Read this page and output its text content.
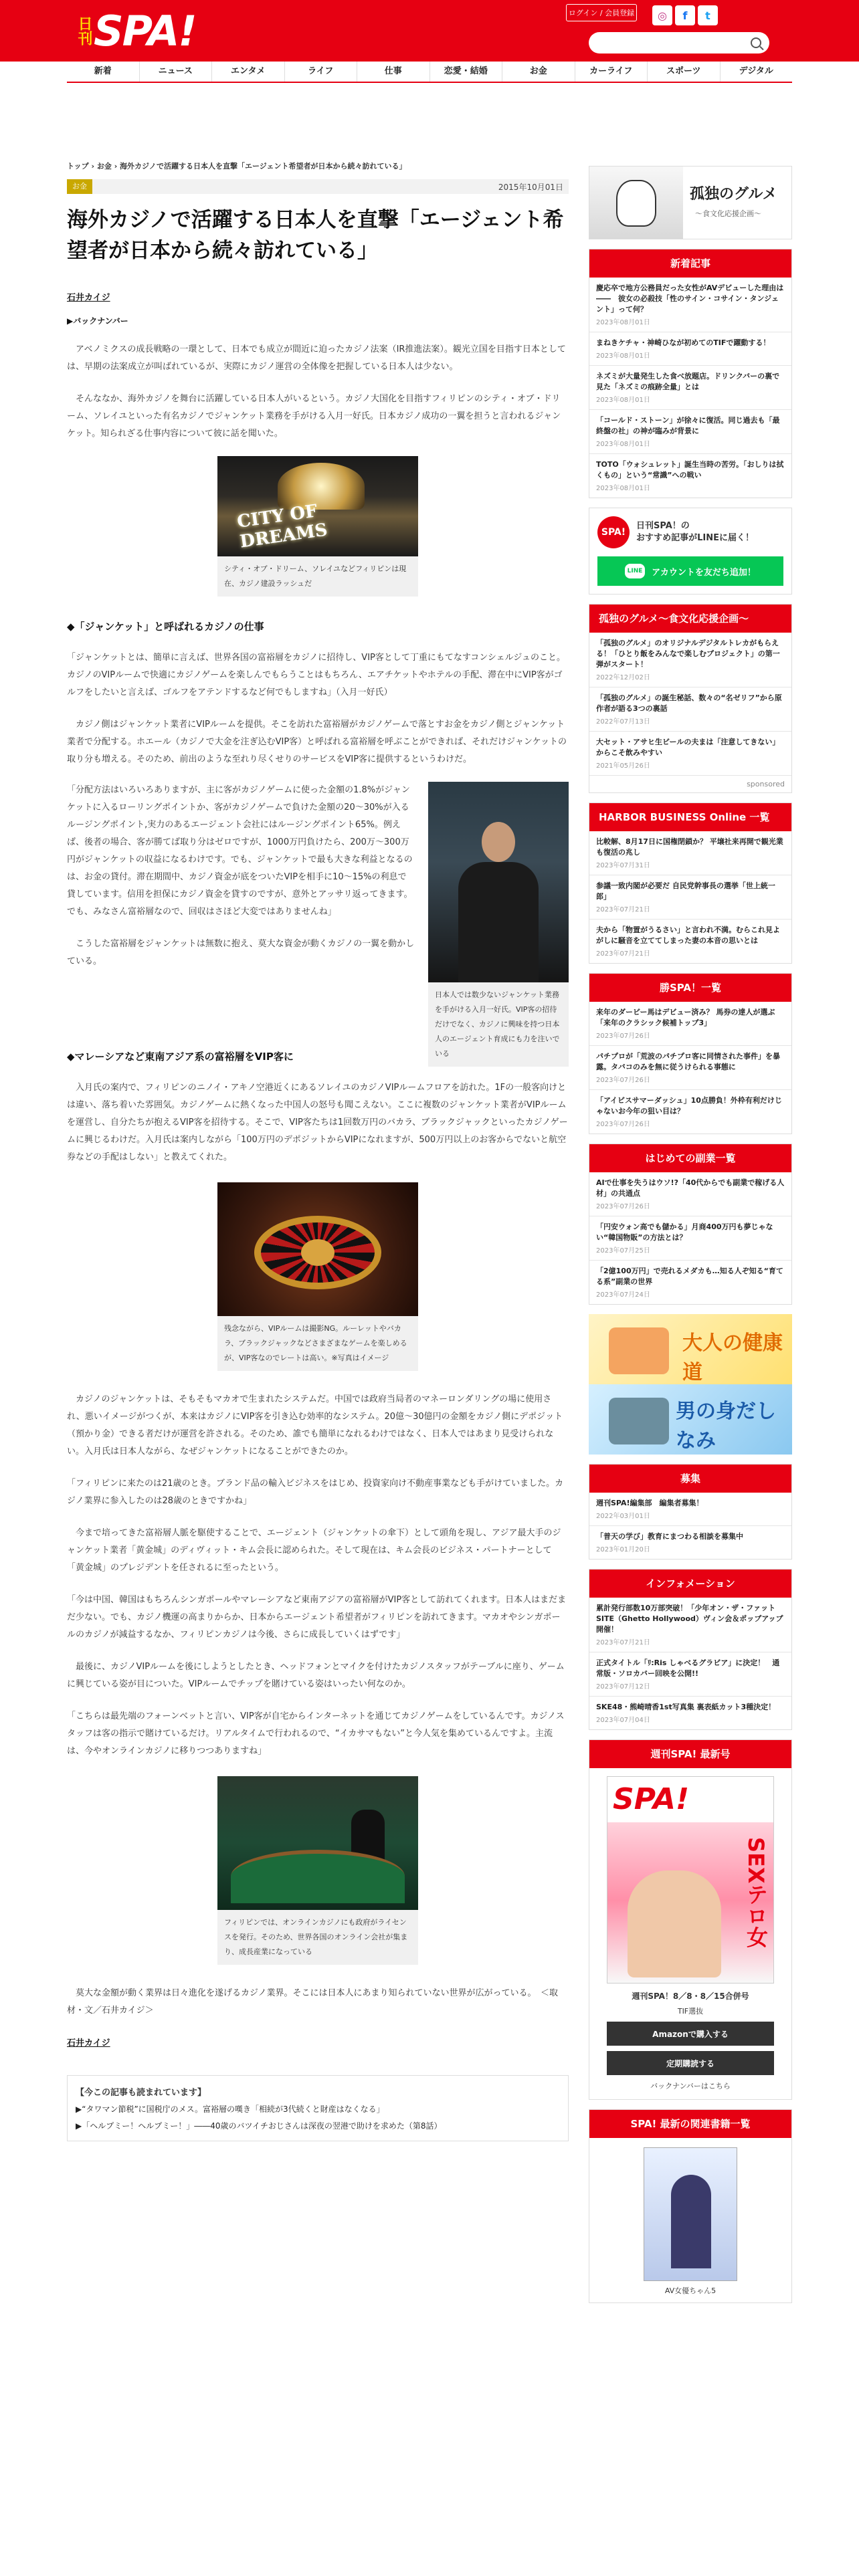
日刊 SPA!	ログイン / 会員登録	◎	f	t
新着	ニュース	エンタメ	ライフ	仕事	恋愛・結婚	お金	カーライフ	スポーツ	デジタル
トップ › お金 › 海外カジノで活躍する日本人を直撃「エージェント希望者が日本から続々訪れている」
お金	2015年10月01日
海外カジノで活躍する日本人を直撃「エージェント希望者が日本から続々訪れている」
石井カイジ
▶バックナンバー

　アベノミクスの成長戦略の一環として、日本でも成立が間近に迫ったカジノ法案（IR推進法案）。観光立国を目指す日本としては、早期の法案成立が叫ばれているが、実際にカジノ運営の全体像を把握している日本人は少ない。

　そんななか、海外カジノを舞台に活躍している日本人がいるという。カジノ大国化を目指すフィリピンのシティ・オブ・ドリーム、ソレイユといった有名カジノでジャンケット業務を手がける入月一好氏。日本カジノ成功の一翼を担うと言われるジャンケット。知られざる仕事内容について彼に話を聞いた。

CITY OF DREAMS
シティ・オブ・ドリーム、ソレイユなどフィリピンは現在、カジノ建設ラッシュだ
◆「ジャンケット」と呼ばれるカジノの仕事

「ジャンケットとは、簡単に言えば、世界各国の富裕層をカジノに招待し、VIP客として丁重にもてなすコンシェルジュのこと。カジノのVIPルームで快適にカジノゲームを楽しんでもらうことはもちろん、エアチケットやホテルの手配、滞在中にVIP客がゴルフをしたいと言えば、ゴルフをアテンドするなど何でもしますね」（入月一好氏）

　カジノ側はジャンケット業者にVIPルームを提供。そこを訪れた富裕層がカジノゲームで落とすお金をカジノ側とジャンケット業者で分配する。ホエール（カジノで大金を注ぎ込むVIP客）と呼ばれる富裕層を呼ぶことができれば、それだけジャンケットの取り分も増える。そのため、前出のような至れり尽くせりのサービスをVIP客に提供するというわけだ。

「分配方法はいろいろありますが、主に客がカジノゲームに使った金額の1.8%がジャンケットに入るローリングポイントか、客がカジノゲームで負けた金額の20～30%が入るルージングポイント,実力のあるエージェント会社にはルージングポイント65%。例えば、後者の場合、客が勝てば取り分はゼロですが、1000万円負けたら、200万～300万円がジャンケットの収益になるわけです。でも、ジャンケットで最も大きな利益となるのは、お金の貸付。滞在期間中、カジノ資金が底をついたVIPを相手に10～15%の利息で貸しています。信用を担保にカジノ資金を貸すのですが、意外とアッサリ返ってきます。でも、みなさん富裕層なので、回収はさほど大変ではありませんね」

　こうした富裕層をジャンケットは無数に抱え、莫大な資金が動くカジノの一翼を動かしている。

日本人では数少ないジャンケット業務を手がける入月一好氏。VIP客の招待だけでなく、カジノに興味を持つ日本人のエージェント育成にも力を注いでいる
◆マレーシアなど東南アジア系の富裕層をVIP客に

　入月氏の案内で、フィリピンのニノイ・アキノ空港近くにあるソレイユのカジノVIPルームフロアを訪れた。1Fの一般客向けとは違い、落ち着いた雰囲気。カジノゲームに熱くなった中国人の怒号も聞こえない。ここに複数のジャンケット業者がVIPルームを運営し、自分たちが抱えるVIP客を招待する。そこで、VIP客たちは1回数万円のバカラ、ブラックジャックといったカジノゲームに興じるわけだ。入月氏は案内しながら「100万円のデポジットからVIPになれますが、500万円以上のお客からでないと航空券などの手配はしない」と教えてくれた。

残念ながら、VIPルームは撮影NG。ルーレットやバカラ、ブラックジャックなどさまざまなゲームを楽しめるが、VIP客なのでレートは高い。※写真はイメージ

　カジノのジャンケットは、そもそもマカオで生まれたシステムだ。中国では政府当局者のマネーロンダリングの場に使用され、悪いイメージがつくが、本来はカジノにVIP客を引き込む効率的なシステム。20億～30億円の金額をカジノ側にデポジット（預かり金）できる者だけが運営を許される。そのため、誰でも簡単になれるわけではなく、日本人ではあまり見受けられない。入月氏は日本人ながら、なぜジャンケットになることができたのか。

「フィリピンに来たのは21歳のとき。ブランド品の輸入ビジネスをはじめ、投資家向け不動産事業なども手がけていました。カジノ業界に参入したのは28歳のときですかね」

　今まで培ってきた富裕層人脈を駆使することで、エージェント（ジャンケットの傘下）として頭角を現し、アジア最大手のジャンケット業者「黄金城」のディヴィット・キム会長に認められた。そして現在は、キム会長のビジネス・パートナーとして「黄金城」のプレジデントを任されるに至ったという。

「今は中国、韓国はもちろんシンガポールやマレーシアなど東南アジアの富裕層がVIP客として訪れてくれます。日本人はまだまだ少ない。でも、カジノ機運の高まりからか、日本からエージェント希望者がフィリピンを訪れてきます。マカオやシンガポールのカジノが減益するなか、フィリピンカジノは今後、さらに成長していくはずです」

　最後に、カジノVIPルームを後にしようとしたとき、ヘッドフォンとマイクを付けたカジノスタッフがテーブルに座り、ゲームに興じている姿が目についた。VIPルームでチップを賭けている姿はいったい何なのか。

「こちらは最先端のフォーンベットと言い、VIP客が自宅からインターネットを通じてカジノゲームをしているんです。カジノスタッフは客の指示で賭けているだけ。リアルタイムで行われるので、“イカサマもない”と今人気を集めているんですよ。主流は、今やオンラインカジノに移りつつありますね」

フィリピンでは、オンラインカジノにも政府がライセンスを発行。そのため、世界各国のオンライン会社が集まり、成長産業になっている

　莫大な金額が動く業界は日々進化を遂げるカジノ業界。そこには日本人にあまり知られていない世界が広がっている。　＜取材・文／石井カイジ＞

石井カイジ
【今この記事も読まれています】
▶“タワマン節税”に国税庁のメス。富裕層の嘆き「相続が3代続くと財産はなくなる」
▶「ヘルプミー！ヘルプミー！」――40歳のバツイチおじさんは深夜の翌港で助けを求めた（第8話）
孤独のグルメ
～食文化応援企画～
新着記事
慶応卒で地方公務員だった女性がAVデビューした理由は――　彼女の必殺技「性のサイン・コサイン・タンジェント」って何？
2023年08月01日
まねきケチャ・神崎ひなが初めてのTIFで躍動する！
2023年08月01日
ネズミが大量発生した食べ放題店。ドリンクバーの裏で見た「ネズミの痕跡全量」とは
2023年08月01日
「コールド・ストーン」が徐々に復活。同じ過去も「最終盤の社」の神が臨みが背景に
2023年08月01日
TOTO「ウォシュレット」誕生当時の苦労。「おしりは拭くもの」という“常識”への戦い
2023年08月01日
SPA!
日刊SPA！の
おすすめ記事がLINEに届く！
LINE アカウントを友だち追加！
孤独のグルメ～食文化応援企画～
「孤独のグルメ」のオリジナルデジタルトレカがもらえる！「ひとり飯をみんなで楽しむプロジェクト」の第一弾がスタート！
2022年12月02日
「孤独のグルメ」の誕生秘話、数々の“名ゼリフ”から原作者が語る3つの裏話
2022年07月13日
大セット・アサヒ生ビールの夫まは「注意してきない」からこそ飲みやすい
2021年05月26日
sponsored
HARBOR BUSINESS Online 一覧
比較解、8月17日に国権閉鎖か？ 平壌社来再開で観光業も復活の兆し
2023年07月31日
参議一致内閣が必要だ 自民党幹事長の選挙「世上統一郎」
2023年07月21日
夫から「物置がうるさい」と言われ不満。むらこれ見よがしに騒音を立ててしまった妻の本音の思いとは
2023年07月21日
勝SPA！一覧
来年のダービー馬はデビュー済み？ 馬券の達人が選ぶ「来年のクラシック候補トップ3」
2023年07月26日
パチプロが「荒波のパチプロ客に同情された事件」を暴露。タバコのみを無に従うけられる事態に
2023年07月26日
「アイビスサマーダッシュ」10点勝負！外枠有利だけじゃないお今年の狙い目は？
2023年07月26日
はじめての副業一覧
AIで仕事を失うはウソ!?「40代からでも副業で稼げる人材」の共通点
2023年07月26日
「円安ウォン高でも儲かる」月商400万円も夢じゃない“韓国物販”の方法とは？
2023年07月25日
「2億100万円」で売れるメダカも…知る人ぞ知る“育てる系”副業の世界
2023年07月24日
大人の健康道
男の身だしなみ
募集
週刊SPA!編集部　編集者募集！
2022年03月01日
「普天の学び」教育にまつわる相談を募集中
2023年01月20日
インフォメーション
累計発行部数10万部突破！「少年オン・ザ・ファット SITE（Ghetto Hollywood）ヴィン会＆ポップアップ開催！
2023年07月21日
正式タイトル「ﾘ:Ris しゃべるグラビア」に決定！　通常版・ソロカバー回映を公開!!
2023年07月12日
SKE48・熊崎晴香1st写真集 裏表紙カット3種決定！
2023年07月04日
週刊SPA! 最新号
SPA!
SEXテロ女
週刊SPA！8／8・8／15合併号
TIF選抜
Amazonで購入する
定期購読する
バックナンバーはこちら
SPA! 最新の関連書籍一覧
AV女優ちゃん5
